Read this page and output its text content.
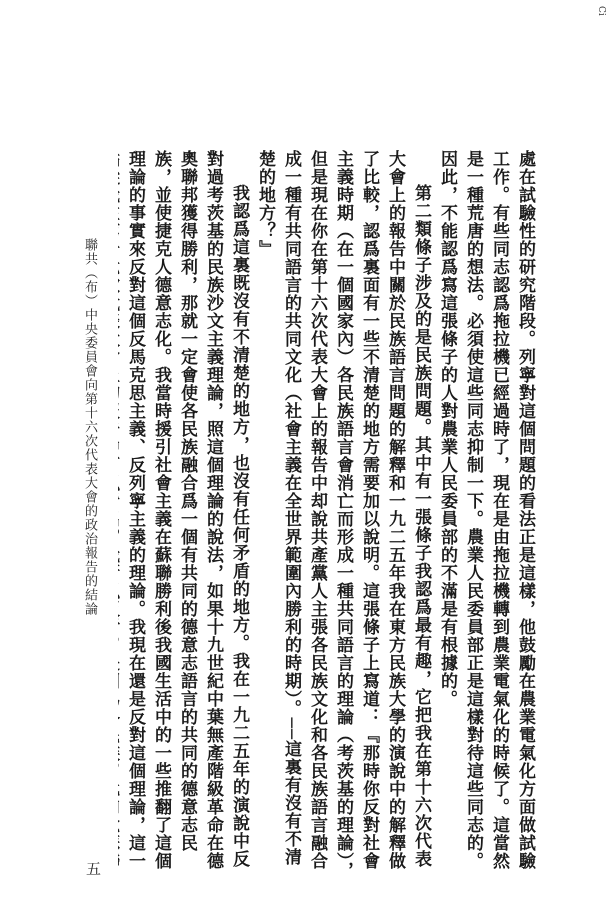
Ci

處在試驗性的研究階段。列寧對這個問題的看法正是這樣，他鼓勵在農業電氣化方面做試驗工作。有些同志認爲拖拉機已經過時了，現在是由拖拉機轉到農業電氣化的時候了。這當然是一種荒唐的想法。必須使這些同志抑制一下。農業人民委員部正是這樣對待這些同志的。因此，不能認爲寫這張條子的人對農業人民委員部的不滿是有根據的。

第二類條子涉及的是民族問題。其中有一張條子我認爲最有趣，它把我在第十六次代表大會上的報告中關於民族語言問題的解釋和一九二五年我在東方民族大學的演說中的解釋做了比較，認爲裏面有一些不清楚的地方需要加以說明。這張條子上寫道：『那時你反對社會主義時期（在一個國家內）各民族語言會消亡而形成一種共同語言的理論（考茨基的理論），但是現在你在第十六次代表大會上的報告中却說共產黨人主張各民族文化和各民族語言融合成一種有共同語言的共同文化（社會主義在全世界範圍內勝利的時期）。──這裏有沒有不清楚的地方？』

我認爲這裏既沒有不清楚的地方，也沒有任何矛盾的地方。我在一九二五年的演說中反對過考茨基的民族沙文主義理論，照這個理論的說法，如果十九世紀中葉無產階級革命在德奧聯邦獲得勝利，那就一定會使各民族融合爲一個有共同的德意志語言的共同的德意志民族，並使捷克人德意志化。我當時援引社會主義在蘇聯勝利後我國生活中的一些推翻了這個理論的事實來反對這個反馬克思主義、反列寧主義的理論。我現在還是反對這個理論，這一

聯共（布）中央委員會向第十六次代表大會的政治報告的結論
五
